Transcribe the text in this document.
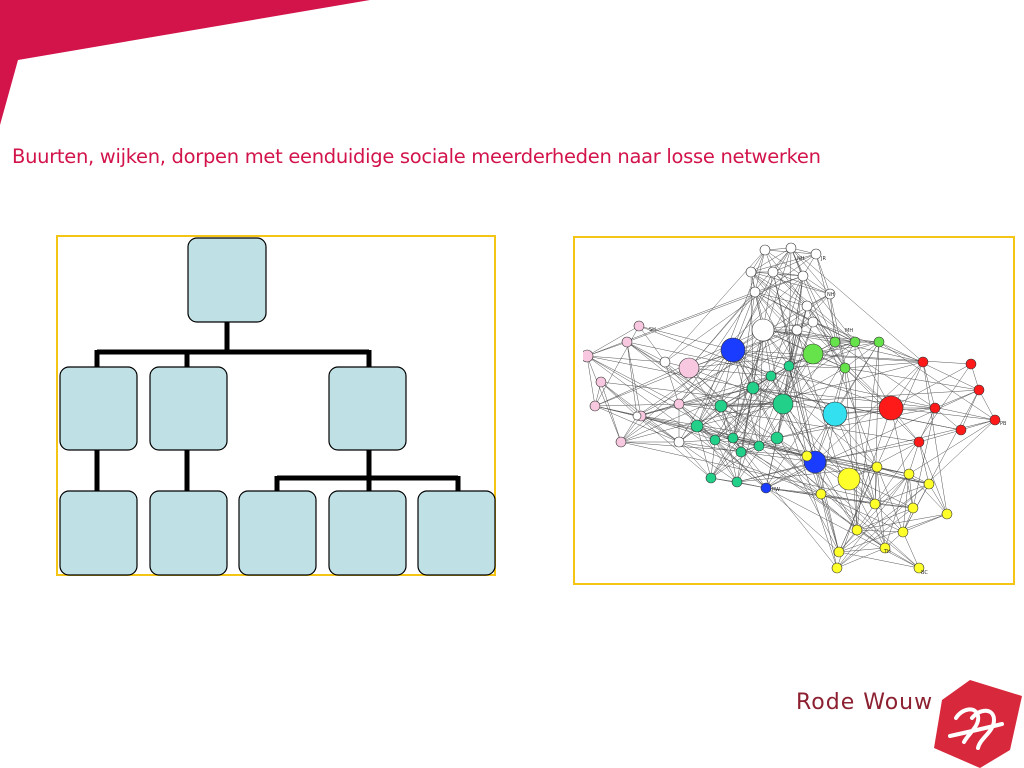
Buurten, wijken, dorpen met eenduidige sociale meerderheden naar losse netwerken
JR
NH
NH
MH
SH
PW
PB
TH
BC
Rode Wouw
